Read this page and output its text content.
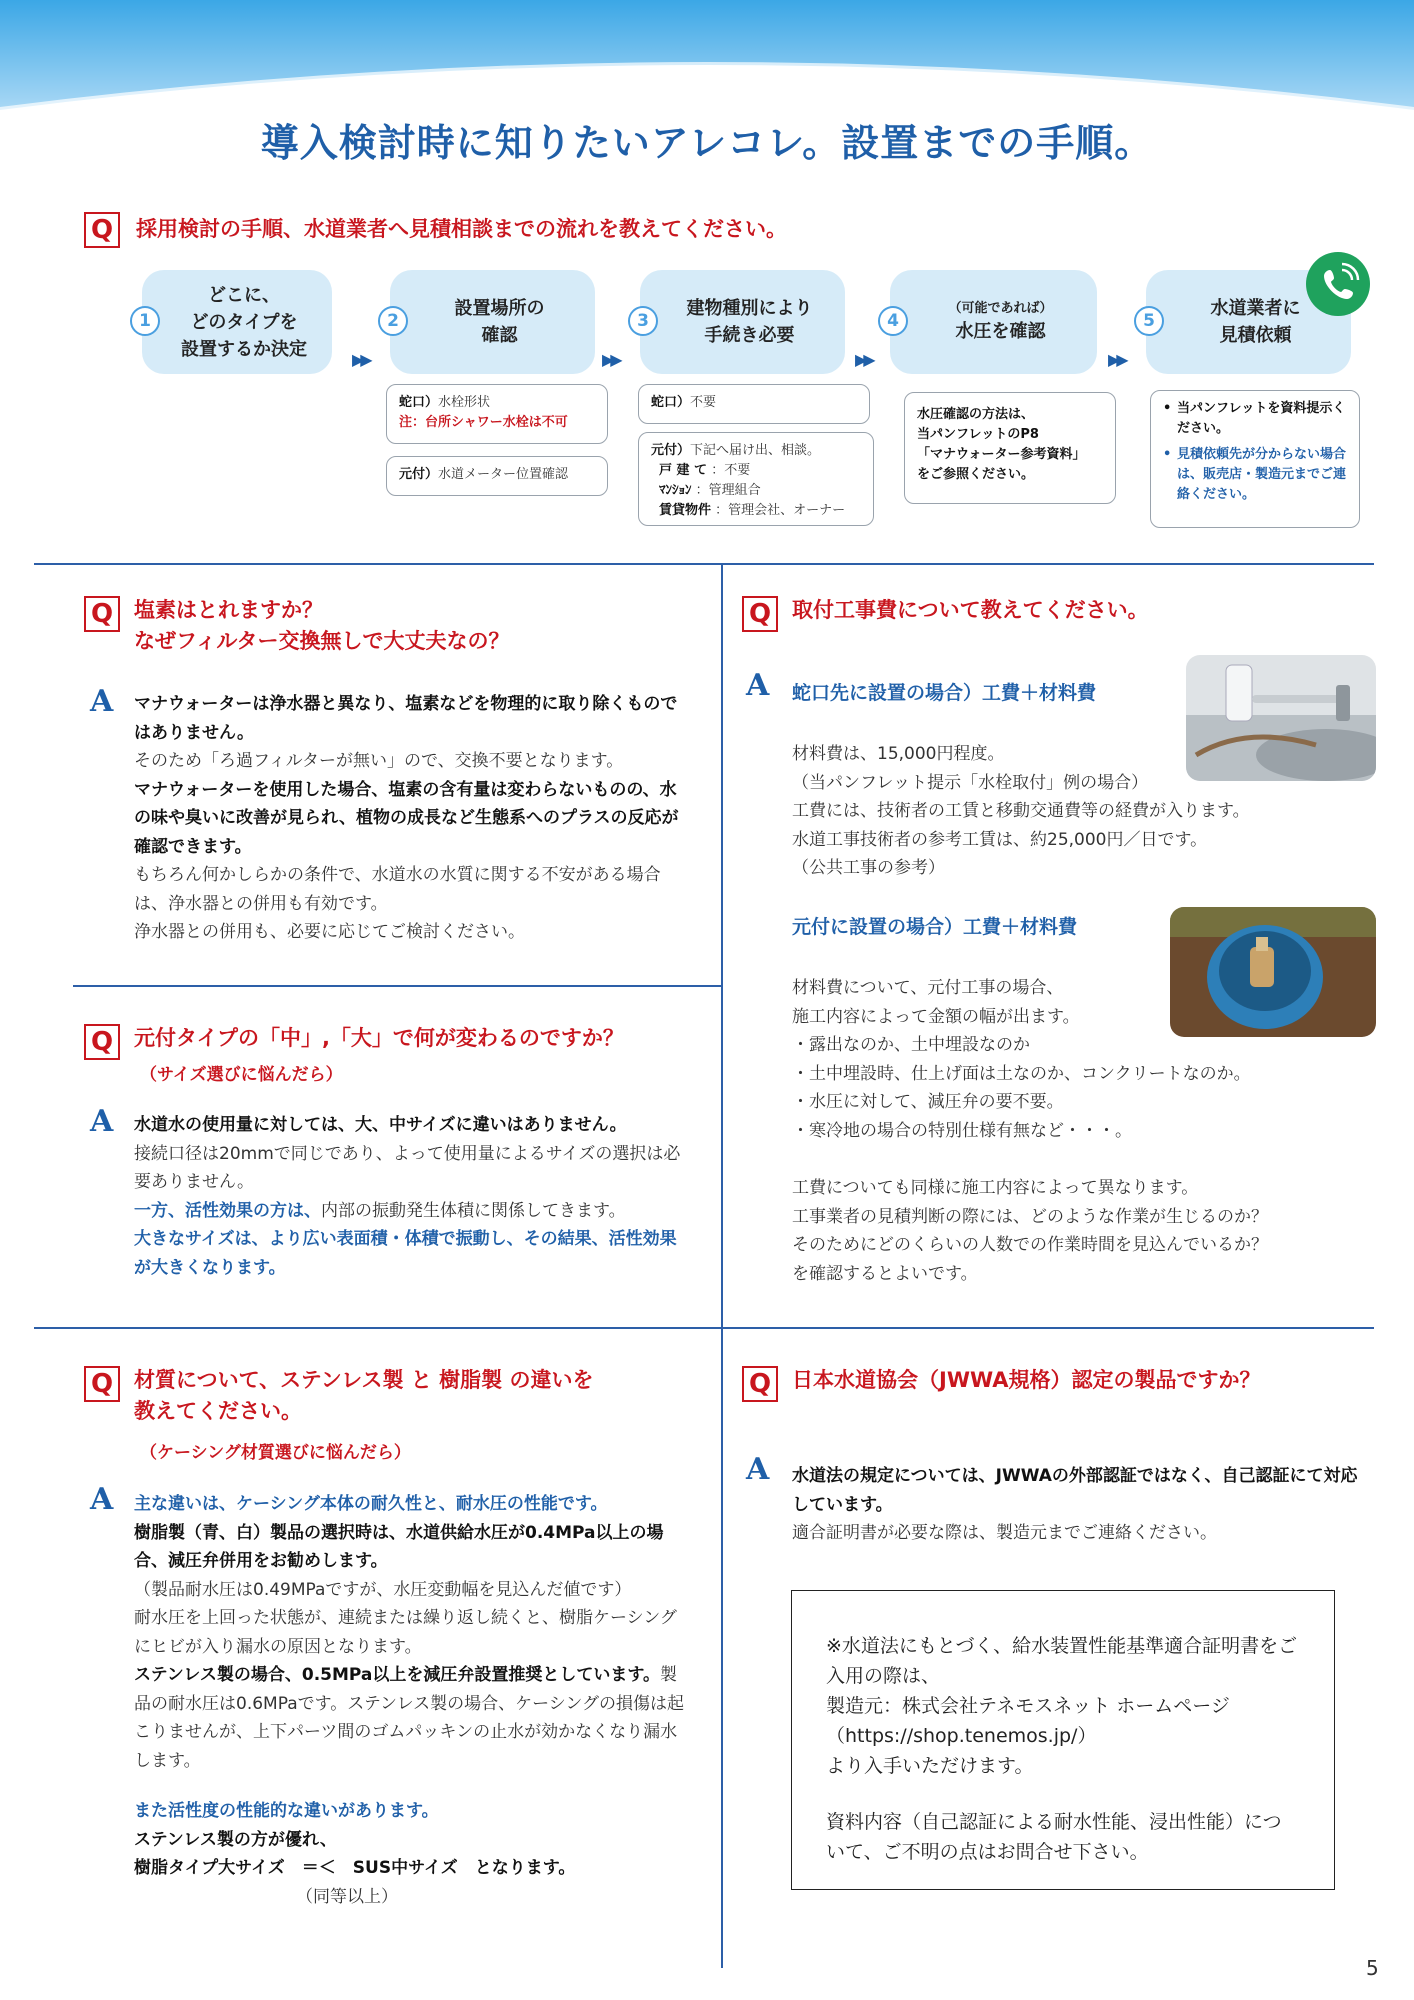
導入検討時に知りたいアレコレ。設置までの手順。
Q	採用検討の手順、水道業者へ見積相談までの流れを教えてください。
1
どこに、
どのタイプを
設置するか決定	▶▶
2
設置場所の
確認
▶▶
3
建物種別により
手続き必要
▶▶
4
（可能であれば）
水圧を確認
▶▶
5
水道業者に
見積依頼
蛇口）水栓形状
注：台所シャワー水栓は不可
元付）水道メーター位置確認
蛇口）不要
元付）下記へ届け出、相談。
戸 建 て ：不要
ﾏﾝｼｮﾝ ：管理組合
賃貸物件 ：管理会社、オーナー
水圧確認の方法は、
当パンフレットのP8
「マナウォーター参考資料」
をご参照ください。
• 当パンフレットを資料提示ください。
• 見積依頼先が分からない場合は、販売店・製造元までご連絡ください。
Q 塩素はとれますか？
なぜフィルター交換無しで大丈夫なの？
A マナウォーターは浄水器と異なり、塩素などを物理的に取り除くものではありません。

そのため「ろ過フィルターが無い」ので、交換不要となります。

マナウォーターを使用した場合、塩素の含有量は変わらないものの、水の味や臭いに改善が見られ、植物の成長など生態系へのプラスの反応が確認できます。

もちろん何かしらかの条件で、水道水の水質に関する不安がある場合は、浄水器との併用も有効です。

浄水器との併用も、必要に応じてご検討ください。

Q 元付タイプの「中」,「大」で何が変わるのですか？
（サイズ選びに悩んだら）
A 水道水の使用量に対しては、大、中サイズに違いはありません。

接続口径は20mmで同じであり、よって使用量によるサイズの選択は必要ありません。

一方、活性効果の方は、内部の振動発生体積に関係してきます。

大きなサイズは、より広い表面積・体積で振動し、その結果、活性効果が大きくなります。

Q 取付工事費について教えてください。
A 蛇口先に設置の場合）工費＋材料費

材料費は、15,000円程度。

（当パンフレット提示「水栓取付」例の場合）

工費には、技術者の工賃と移動交通費等の経費が入ります。

水道工事技術者の参考工賃は、約25,000円／日です。

（公共工事の参考）

元付に設置の場合）工費＋材料費

材料費について、元付工事の場合、

施工内容によって金額の幅が出ます。

・露出なのか、土中埋設なのか

・土中埋設時、仕上げ面は土なのか、コンクリートなのか。

・水圧に対して、減圧弁の要不要。

・寒冷地の場合の特別仕様有無など・・・。

工費についても同様に施工内容によって異なります。

工事業者の見積判断の際には、どのような作業が生じるのか？

そのためにどのくらいの人数での作業時間を見込んでいるか？

を確認するとよいです。

Q 材質について、ステンレス製 と 樹脂製 の違いを
教えてください。
（ケーシング材質選びに悩んだら）
A 主な違いは、ケーシング本体の耐久性と、耐水圧の性能です。

樹脂製（青、白）製品の選択時は、水道供給水圧が0.4MPa以上の場合、減圧弁併用をお勧めします。

（製品耐水圧は0.49MPaですが、水圧変動幅を見込んだ値です）

耐水圧を上回った状態が、連続または繰り返し続くと、樹脂ケーシングにヒビが入り漏水の原因となります。

ステンレス製の場合、0.5MPa以上を減圧弁設置推奨としています。製品の耐水圧は0.6MPaです。ステンレス製の場合、ケーシングの損傷は起こりませんが、上下パーツ間のゴムパッキンの止水が効かなくなり漏水します。

また活性度の性能的な違いがあります。

ステンレス製の方が優れ、

樹脂タイプ大サイズ　＝＜　SUS中サイズ　となります。

（同等以上）

Q 日本水道協会（JWWA規格）認定の製品ですか？
A 水道法の規定については、JWWAの外部認証ではなく、自己認証にて対応しています。

適合証明書が必要な際は、製造元までご連絡ください。

※水道法にもとづく、給水装置性能基準適合証明書をご入用の際は、

製造元：株式会社テネモスネット ホームページ

（https://shop.tenemos.jp/）

より入手いただけます。

資料内容（自己認証による耐水性能、浸出性能）について、ご不明の点はお問合せ下さい。

5
